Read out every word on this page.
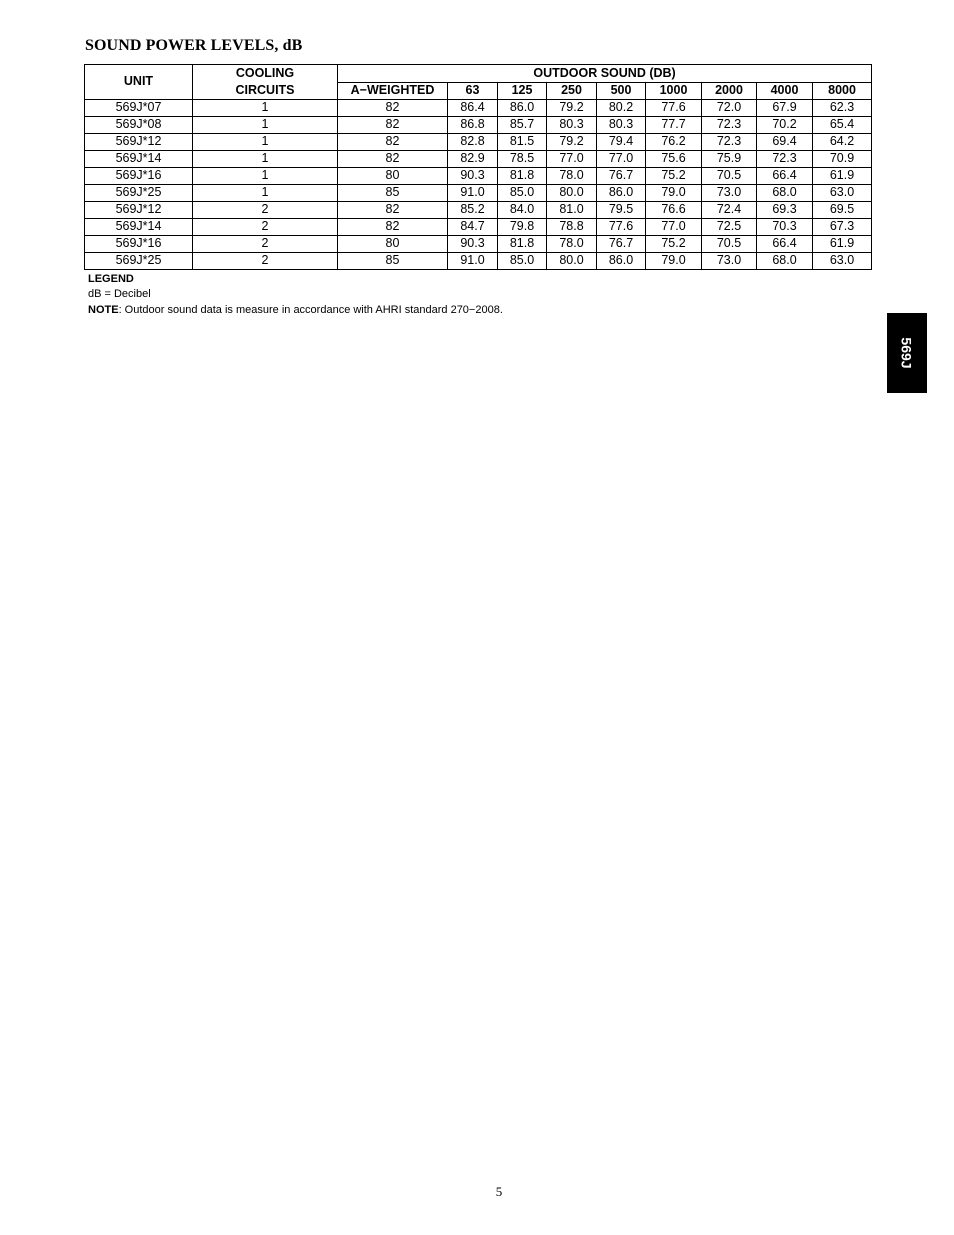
SOUND POWER LEVELS, dB
UNIT	COOLING CIRCUITS	OUTDOOR SOUND (DB)								
		A−WEIGHTED	63	125	250	500	1000	2000	4000	8000
569J*07	1	82	86.4	86.0	79.2	80.2	77.6	72.0	67.9	62.3
569J*08	1	82	86.8	85.7	80.3	80.3	77.7	72.3	70.2	65.4
569J*12	1	82	82.8	81.5	79.2	79.4	76.2	72.3	69.4	64.2
569J*14	1	82	82.9	78.5	77.0	77.0	75.6	75.9	72.3	70.9
569J*16	1	80	90.3	81.8	78.0	76.7	75.2	70.5	66.4	61.9
569J*25	1	85	91.0	85.0	80.0	86.0	79.0	73.0	68.0	63.0
569J*12	2	82	85.2	84.0	81.0	79.5	76.6	72.4	69.3	69.5
569J*14	2	82	84.7	79.8	78.8	77.6	77.0	72.5	70.3	67.3
569J*16	2	80	90.3	81.8	78.0	76.7	75.2	70.5	66.4	61.9
569J*25	2	85	91.0	85.0	80.0	86.0	79.0	73.0	68.0	63.0
LEGEND
dB = Decibel
NOTE: Outdoor sound data is measure in accordance with AHRI standard 270−2008.
569J
5
